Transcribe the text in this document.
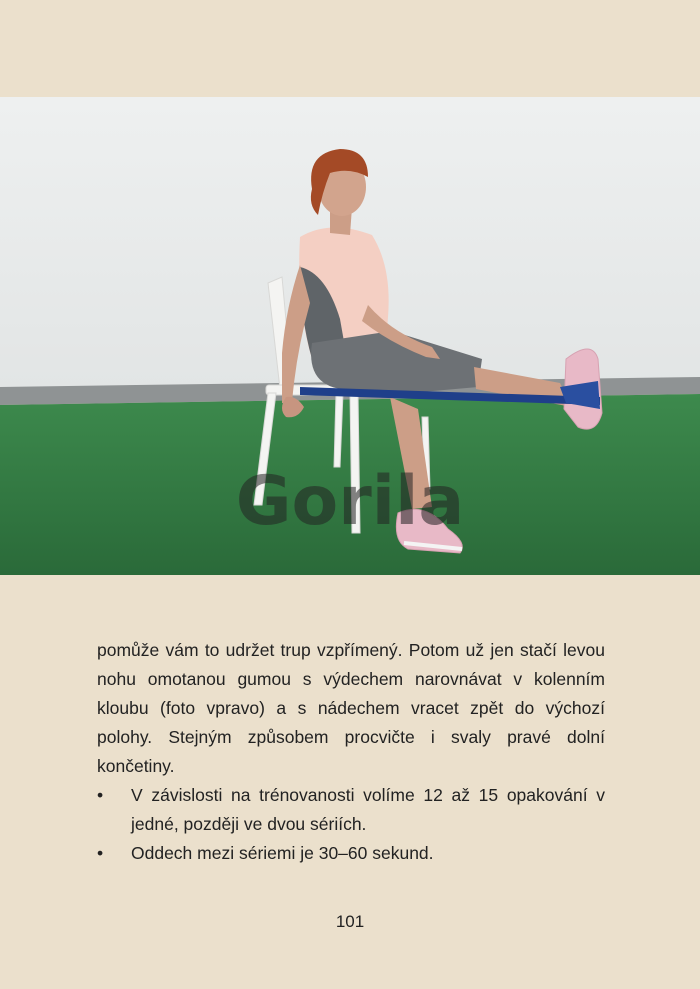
Gorila

pomůže vám to udržet trup vzpřímený. Potom už jen stačí levou nohu omotanou gumou s výdechem narovnávat v kolenním kloubu (foto vpravo) a s nádechem vracet zpět do výchozí polohy. Stejným způsobem procvičte i svaly pravé dolní končetiny.

• V závislosti na trénovanosti volíme 12 až 15 opakování v jedné, později ve dvou sériích.
• Oddech mezi sériemi je 30–60 sekund.
101
